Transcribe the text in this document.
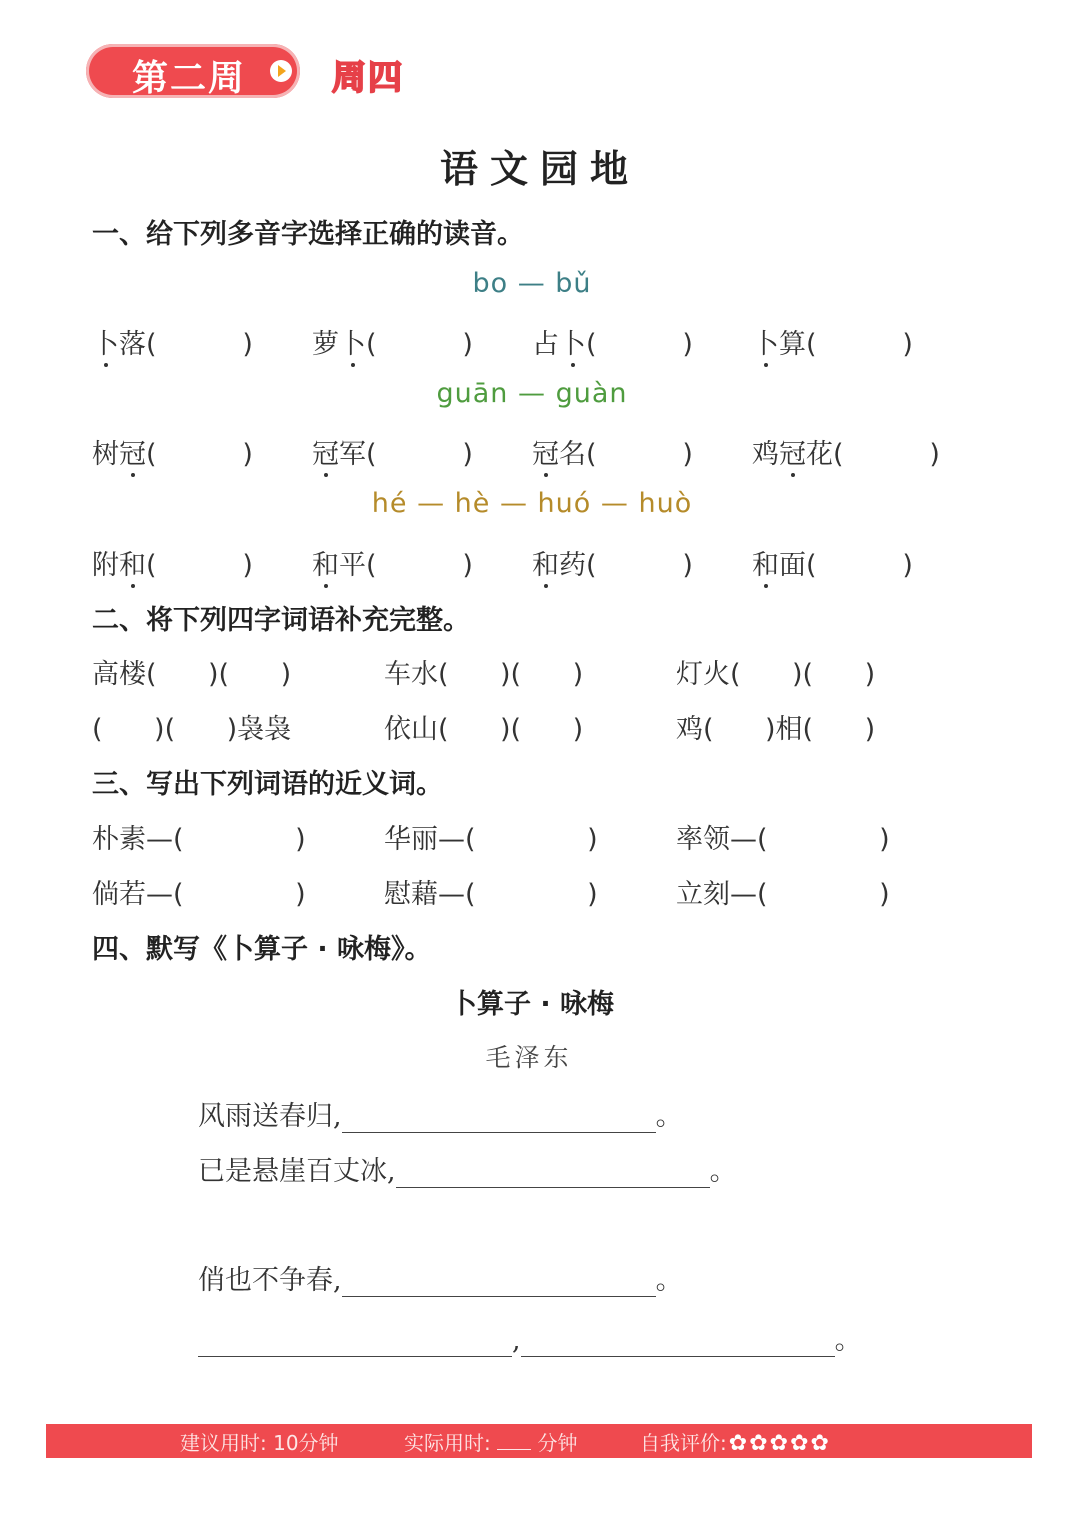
第二周	周四
语文园地
一、给下列多音字选择正确的读音。
bo — bǔ
卜落(          ) 萝卜(          ) 占卜(          ) 卜算(          )
guān — guàn
树冠(          ) 冠军(          ) 冠名(          ) 鸡冠花(          )
hé — hè — huó — huò
附和(          ) 和平(          ) 和药(          ) 和面(          )
二、将下列四字词语补充完整。
高楼(      )(      )	车水(      )(      )	灯火(      )(      )
(      )(      )袅袅	依山(      )(      )	鸡(      )相(      )
三、写出下列词语的近义词。
朴素—(             )	华丽—(             )	率领—(             )
倘若—(             )	慰藉—(             )	立刻—(             )
四、默写《卜算子 · 咏梅》。
卜算子 · 咏梅
毛泽东
风雨送春归,	。
已是悬崖百丈冰,	。
俏也不争春,	。
,	。
建议用时: 10分钟	实际用时: 分钟	自我评价:✿✿✿✿✿
